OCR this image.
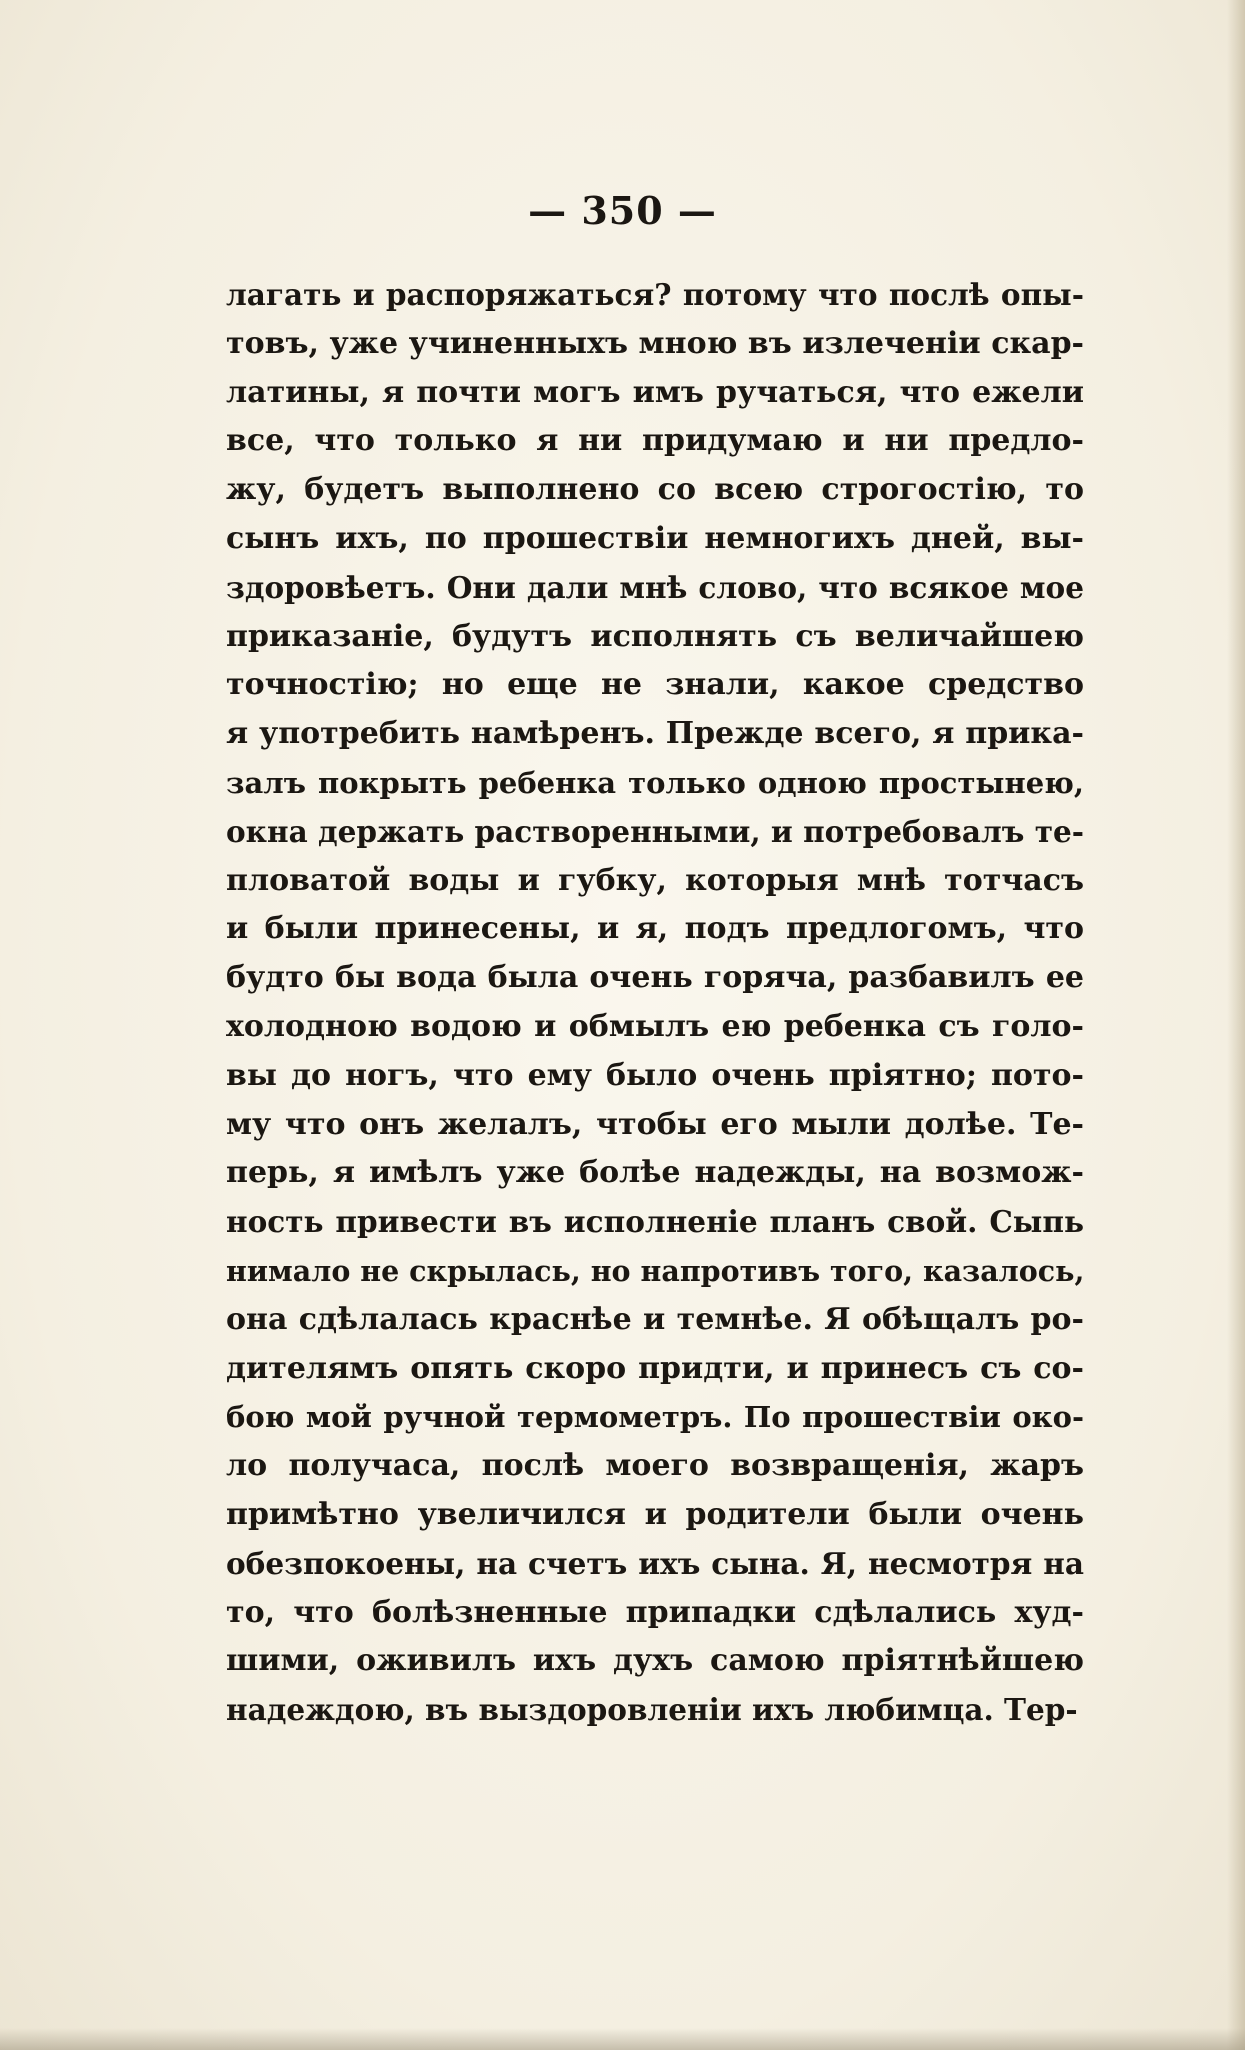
— 350 —
лагать и распоряжаться? потому что послѣ опы-
товъ, уже учиненныхъ мною въ излеченіи скар-
латины, я почти могъ имъ ручаться, что ежели
все, что только я ни придумаю и ни предло-
жу, будетъ выполнено со всею строгостію, то
сынъ ихъ, по прошествіи немногихъ дней, вы-
здоровѣетъ. Они дали мнѣ слово, что всякое мое
приказаніе, будутъ исполнять съ величайшею
точностію; но еще не знали, какое средство
я употребить намѣренъ. Прежде всего, я прика-
залъ покрыть ребенка только одною простынею,
окна держать растворенными, и потребовалъ те-
пловатой воды и губку, которыя мнѣ тотчасъ
и были принесены, и я, подъ предлогомъ, что
будто бы вода была очень горяча, разбавилъ ее
холодною водою и обмылъ ею ребенка съ голо-
вы до ногъ, что ему было очень пріятно; пото-
му что онъ желалъ, чтобы его мыли долѣе. Те-
перь, я имѣлъ уже болѣе надежды, на возмож-
ность привести въ исполненіе планъ свой. Сыпь
нимало не скрылась, но напротивъ того, казалось,
она сдѣлалась краснѣе и темнѣе. Я обѣщалъ ро-
дителямъ опять скоро придти, и принесъ съ со-
бою мой ручной термометръ. По прошествіи око-
ло получаса, послѣ моего возвращенія, жаръ
примѣтно увеличился и родители были очень
обезпокоены, на счетъ ихъ сына. Я, несмотря на
то, что болѣзненные припадки сдѣлались худ-
шими, оживилъ ихъ духъ самою пріятнѣйшею
надеждою, въ выздоровленіи ихъ любимца. Тер-
